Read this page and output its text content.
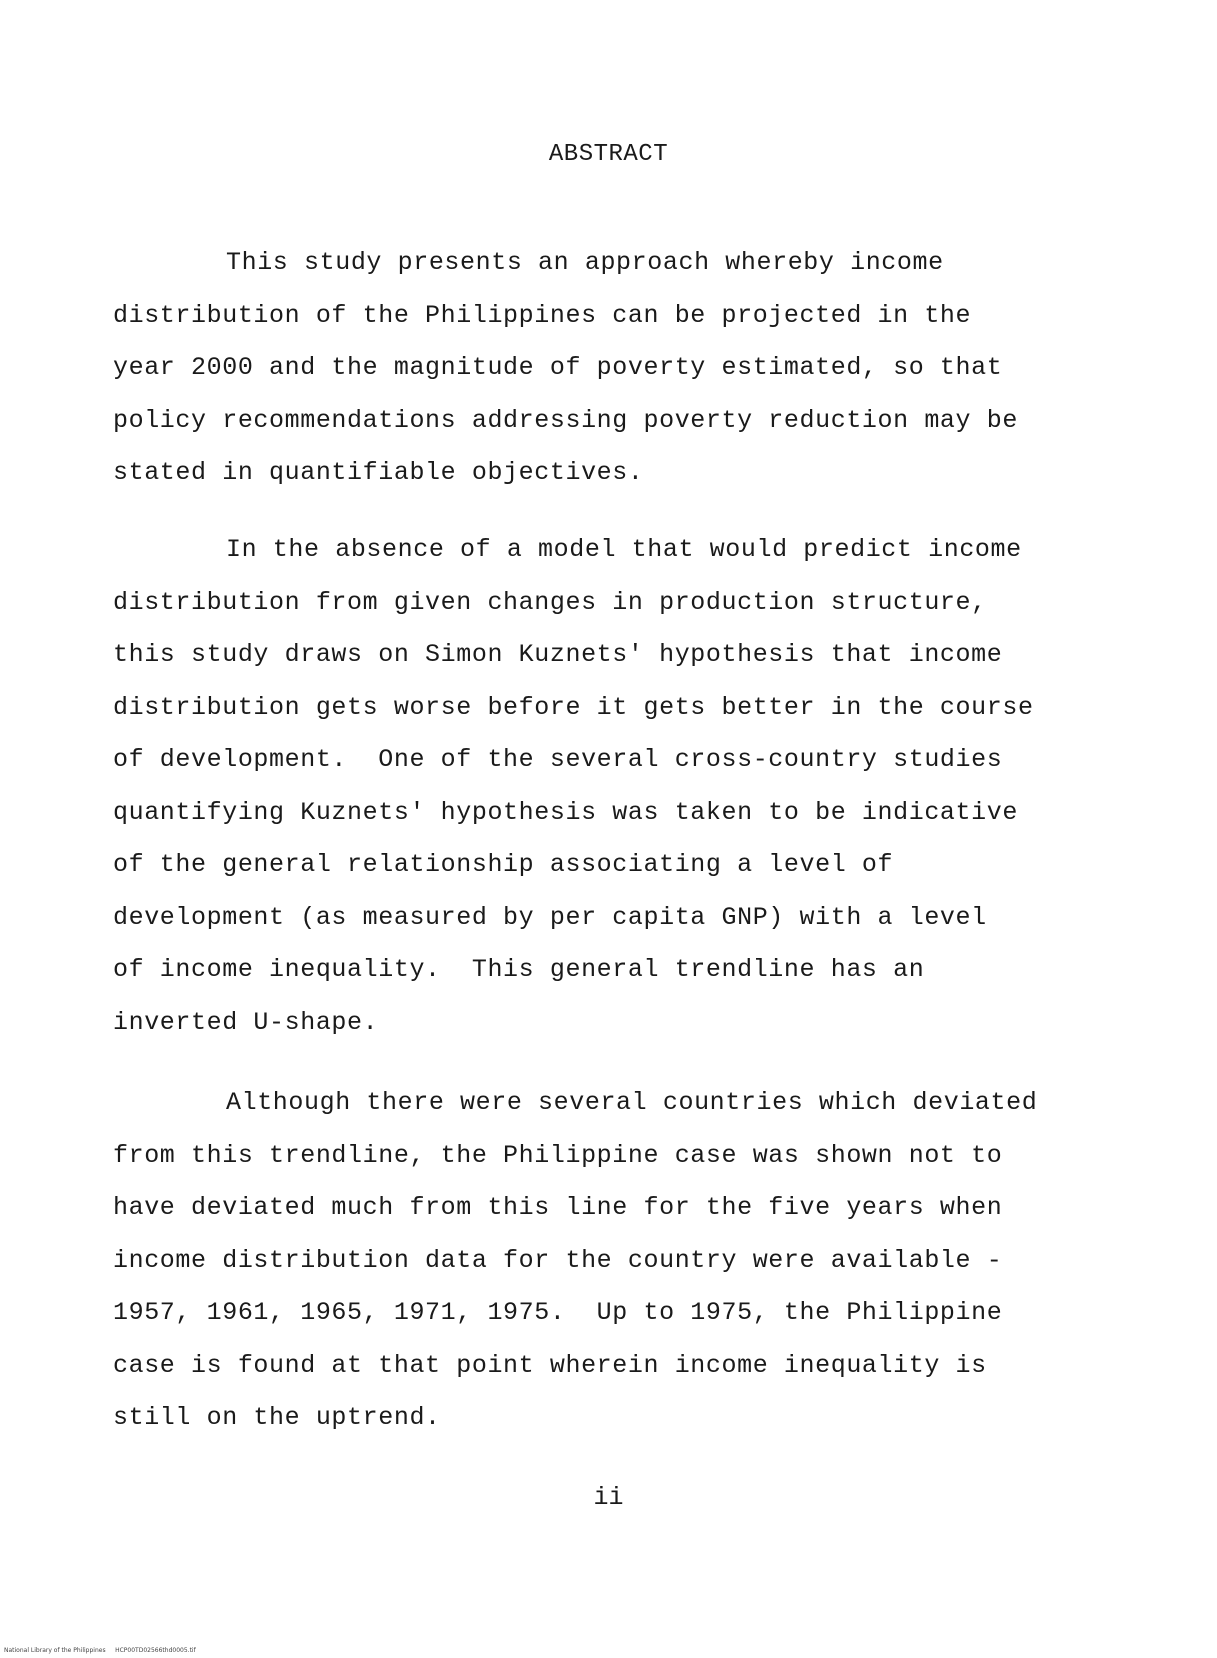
ABSTRACT
This study presents an approach whereby income
distribution of the Philippines can be projected in the
year 2000 and the magnitude of poverty estimated, so that
policy recommendations addressing poverty reduction may be
stated in quantifiable objectives.
In the absence of a model that would predict income
distribution from given changes in production structure,
this study draws on Simon Kuznets' hypothesis that income
distribution gets worse before it gets better in the course
of development.  One of the several cross-country studies
quantifying Kuznets' hypothesis was taken to be indicative
of the general relationship associating a level of
development (as measured by per capita GNP) with a level
of income inequality.  This general trendline has an
inverted U-shape.
Although there were several countries which deviated
from this trendline, the Philippine case was shown not to
have deviated much from this line for the five years when
income distribution data for the country were available -
1957, 1961, 1965, 1971, 1975.  Up to 1975, the Philippine
case is found at that point wherein income inequality is
still on the uptrend.
ii
National Library of the Philippines     HCP00TD02566thd0005.tif
